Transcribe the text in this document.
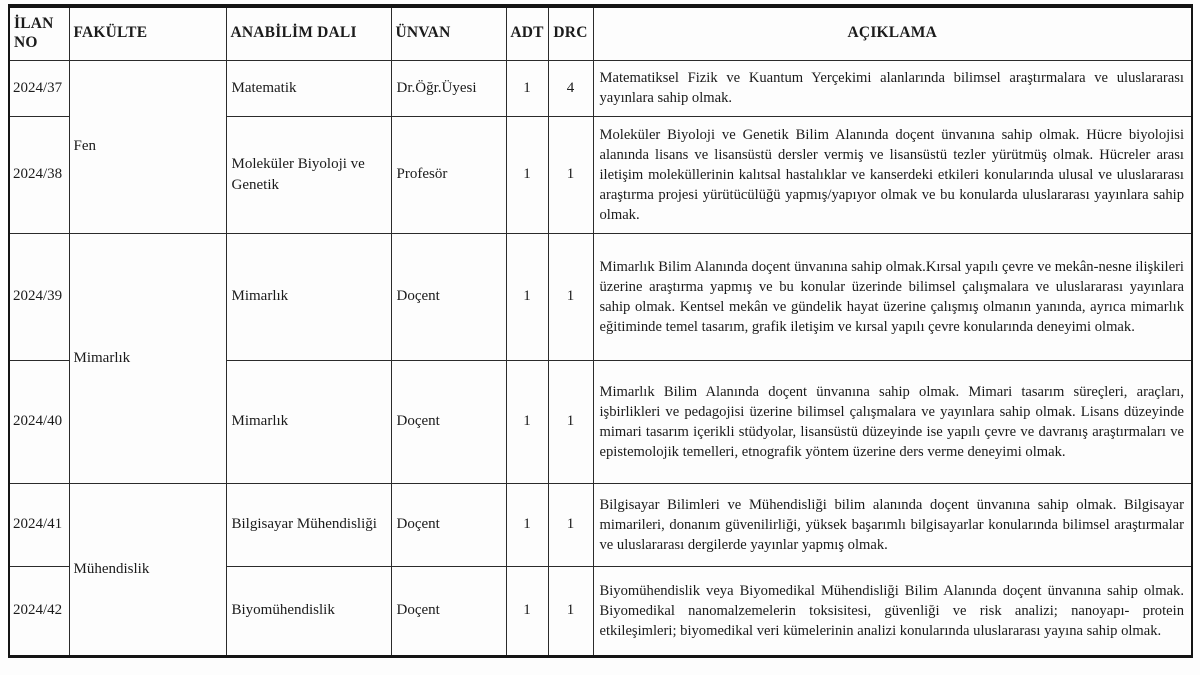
İLAN NO	FAKÜLTE	ANABİLİM DALI	ÜNVAN	ADT	DRC	AÇIKLAMA
2024/37	Fen	Matematik	Dr.Öğr.Üyesi	1	4	Matematiksel Fizik ve Kuantum Yerçekimi alanlarında bilimsel araştırmalara ve uluslararası yayınlara sahip olmak.
2024/38		Moleküler Biyoloji ve Genetik	Profesör	1	1	Moleküler Biyoloji ve Genetik Bilim Alanında doçent ünvanına sahip olmak. Hücre biyolojisi alanında lisans ve lisansüstü dersler vermiş ve lisansüstü tezler yürütmüş olmak. Hücreler arası iletişim moleküllerinin kalıtsal hastalıklar ve kanserdeki etkileri konularında ulusal ve uluslararası araştırma projesi yürütücülüğü yapmış/yapıyor olmak ve bu konularda uluslararası yayınlara sahip olmak.
2024/39	Mimarlık	Mimarlık	Doçent	1	1	Mimarlık Bilim Alanında doçent ünvanına sahip olmak.Kırsal yapılı çevre ve mekân-nesne ilişkileri üzerine araştırma yapmış ve bu konular üzerinde bilimsel çalışmalara ve uluslararası yayınlara sahip olmak. Kentsel mekân ve gündelik hayat üzerine çalışmış olmanın yanında, ayrıca mimarlık eğitiminde temel tasarım, grafik iletişim ve kırsal yapılı çevre konularında deneyimi olmak.
2024/40		Mimarlık	Doçent	1	1	Mimarlık Bilim Alanında doçent ünvanına sahip olmak. Mimari tasarım süreçleri, araçları, işbirlikleri ve pedagojisi üzerine bilimsel çalışmalara ve yayınlara sahip olmak. Lisans düzeyinde mimari tasarım içerikli stüdyolar, lisansüstü düzeyinde ise yapılı çevre ve davranış araştırmaları ve epistemolojik temelleri, etnografik yöntem üzerine ders verme deneyimi olmak.
2024/41	Mühendislik	Bilgisayar Mühendisliği	Doçent	1	1	Bilgisayar Bilimleri ve Mühendisliği bilim alanında doçent ünvanına sahip olmak. Bilgisayar mimarileri, donanım güvenilirliği, yüksek başarımlı bilgisayarlar konularında bilimsel araştırmalar ve uluslararası dergilerde yayınlar yapmış olmak.
2024/42		Biyomühendislik	Doçent	1	1	Biyomühendislik veya Biyomedikal Mühendisliği Bilim Alanında doçent ünvanına sahip olmak. Biyomedikal nanomalzemelerin toksisitesi, güvenliği ve risk analizi; nanoyapı- protein etkileşimleri; biyomedikal veri kümelerinin analizi konularında uluslararası yayına sahip olmak.
